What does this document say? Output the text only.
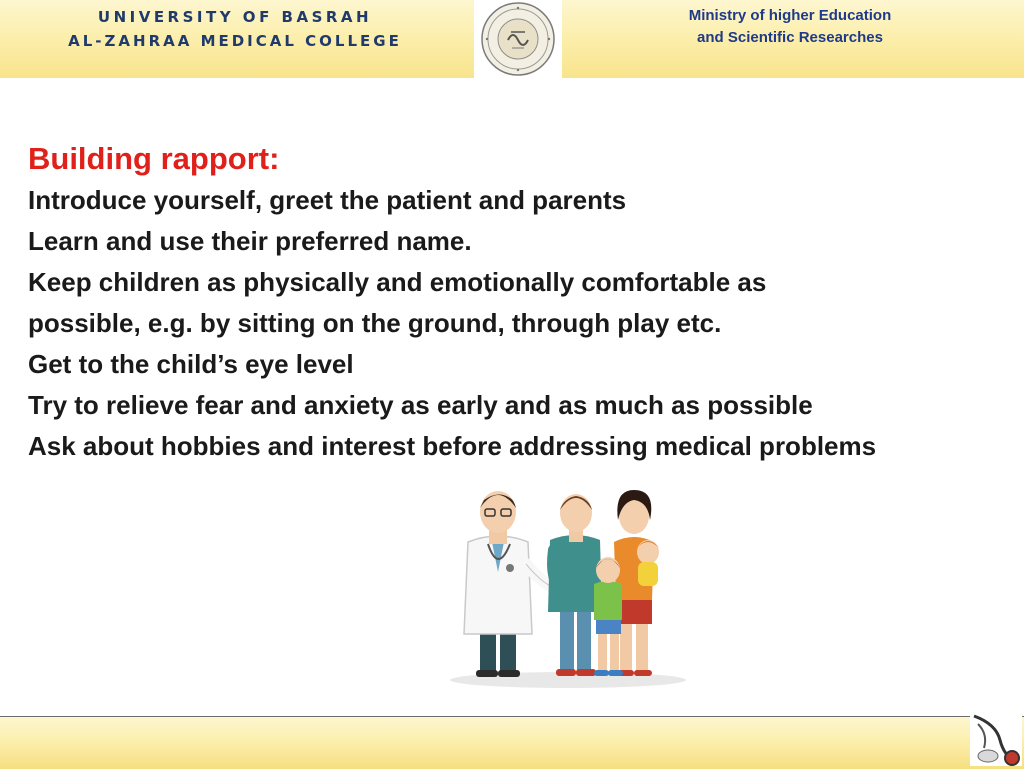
UNIVERSITY OF BASRAH
AL-ZAHRAA MEDICAL COLLEGE
Ministry of higher Education
and Scientific Researches
Building rapport:
Introduce yourself, greet the patient and parents
Learn and use their preferred name.
Keep children as physically and emotionally comfortable as
possible, e.g. by sitting on the ground, through play etc.
Get to the child’s eye level
Try to relieve fear and anxiety as early and as much as possible
Ask about hobbies and interest before addressing medical problems
